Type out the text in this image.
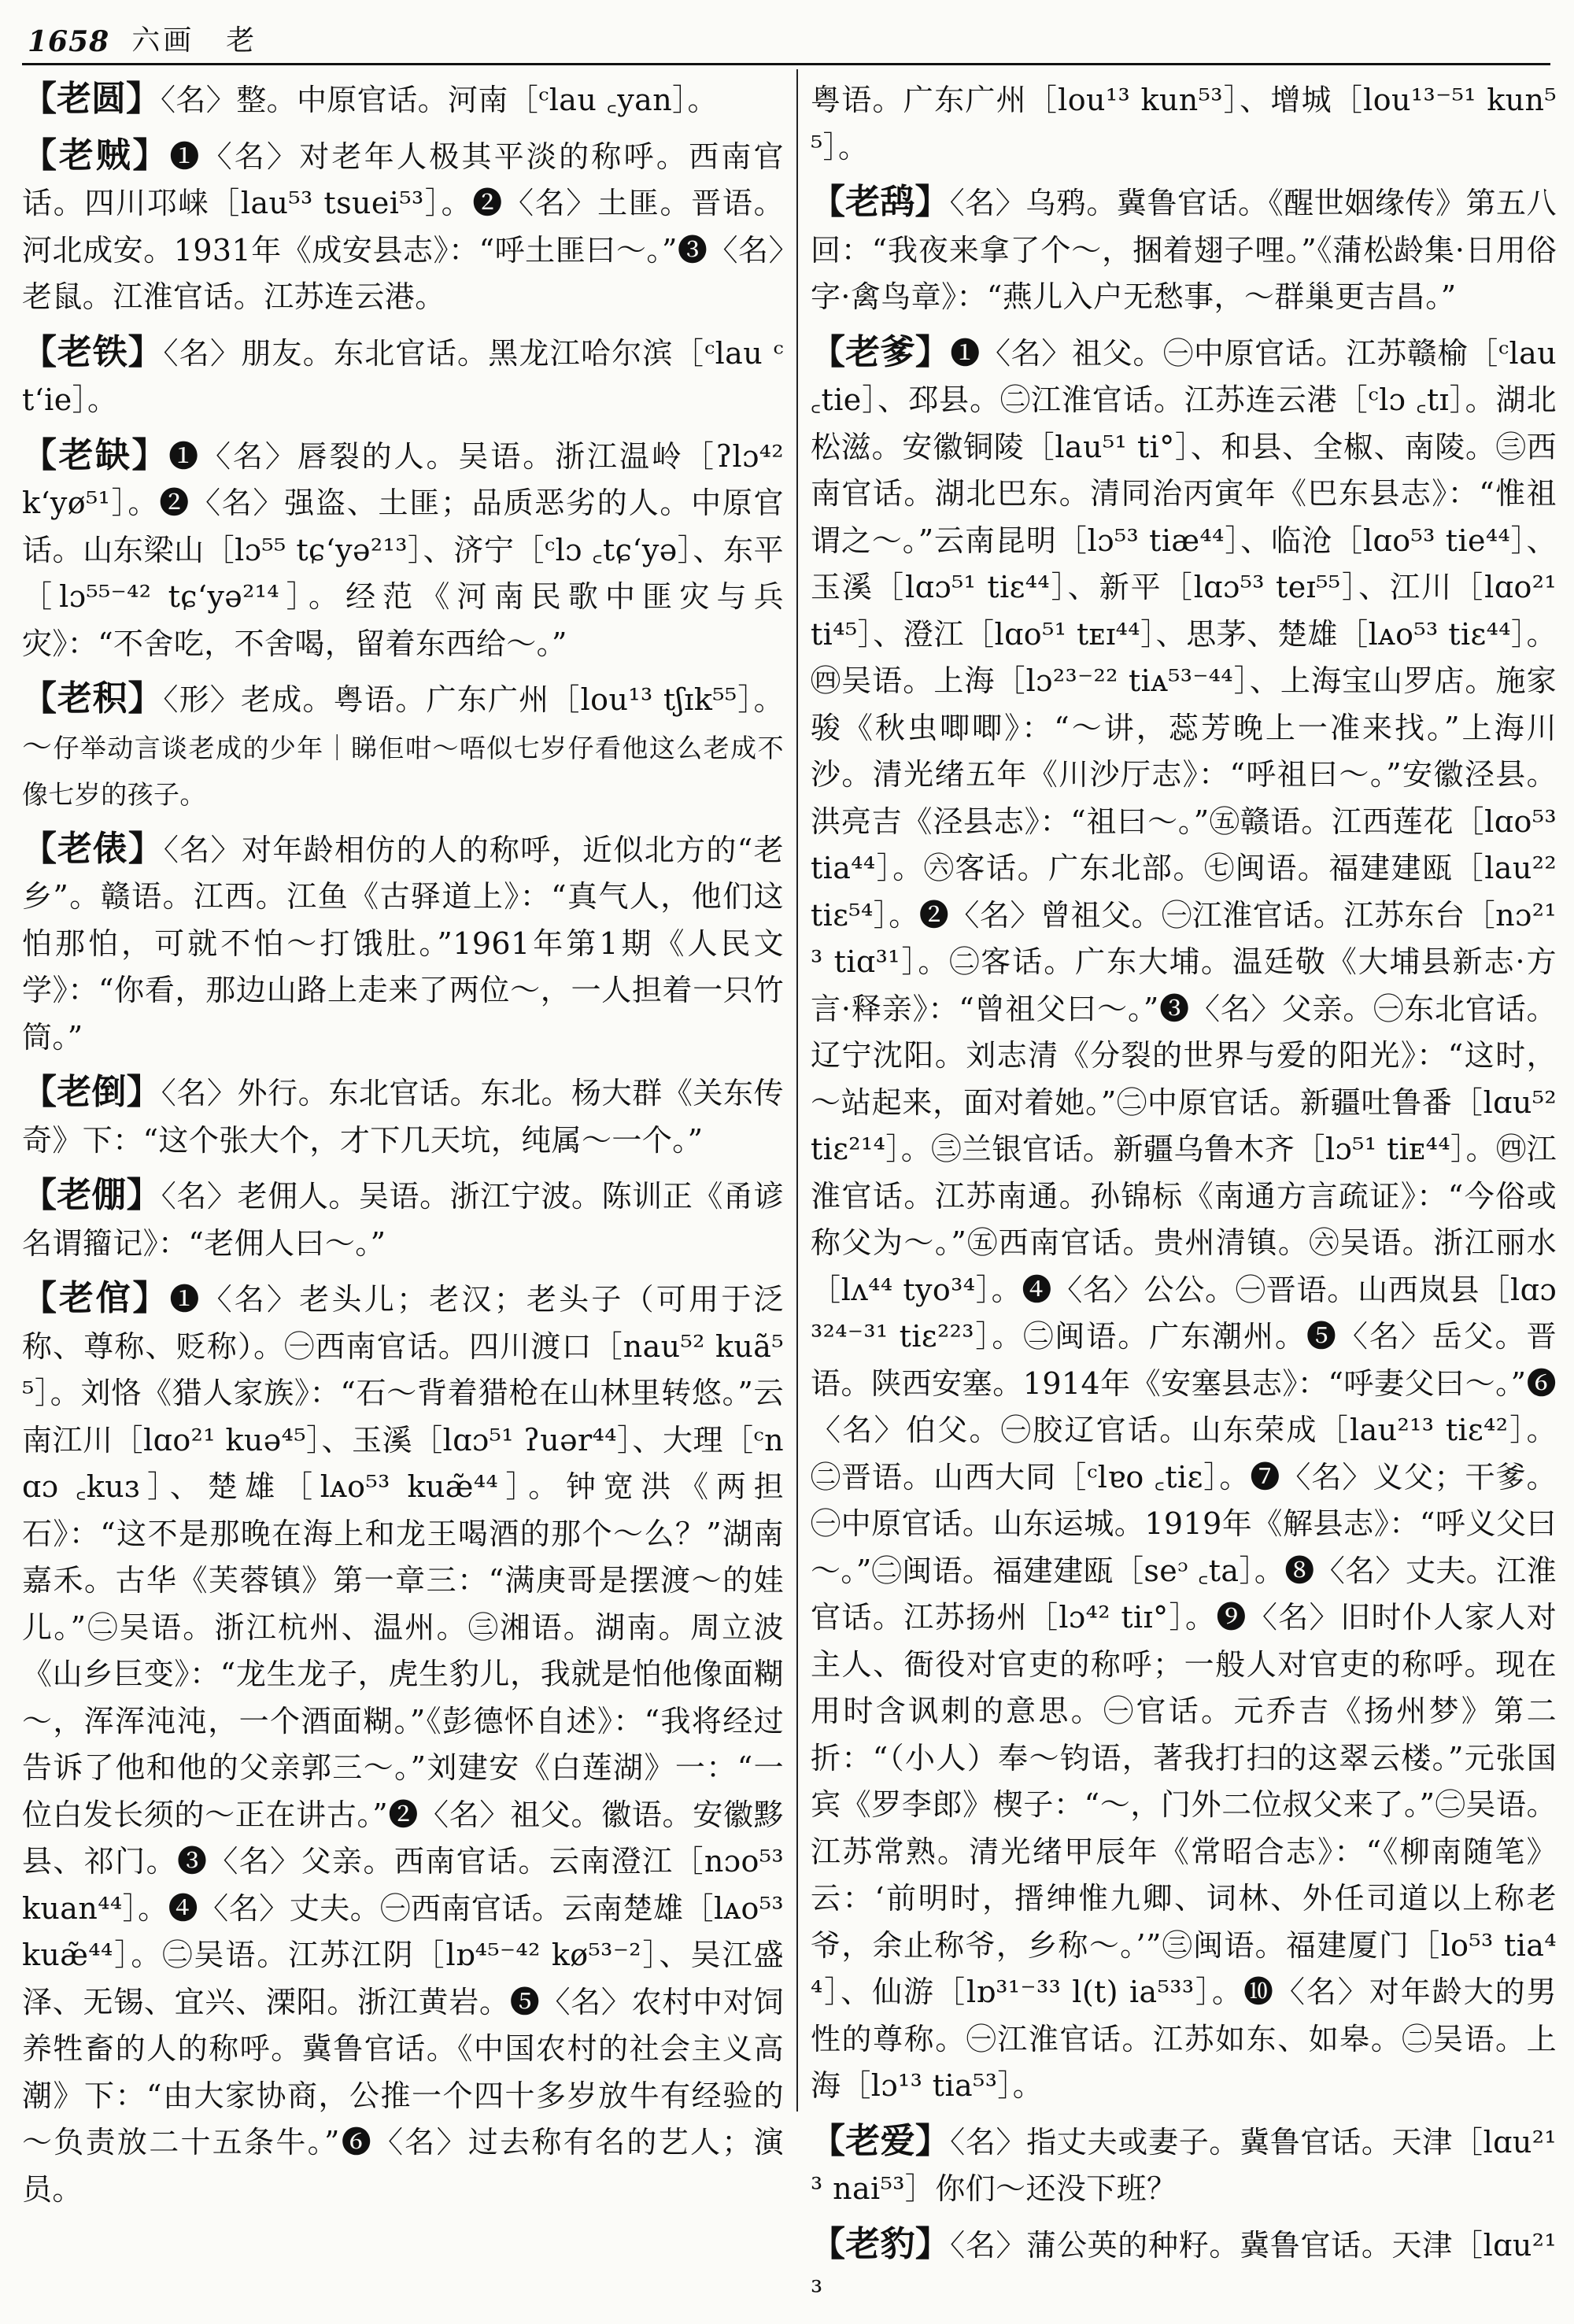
1658 六画　老

【老圆】〈名〉整。中原官话。河南［ᶜlau ꜀yan］。

【老贼】❶〈名〉对老年人极其平淡的称呼。西南官话。四川邛崃［lau⁵³ tsuei⁵³］。❷〈名〉土匪。晋语。河北成安。1931年《成安县志》：“呼土匪曰～。”❸〈名〉老鼠。江淮官话。江苏连云港。

【老铁】〈名〉朋友。东北官话。黑龙江哈尔滨［ᶜlau ᶜt‘ie］。

【老缺】❶〈名〉唇裂的人。吴语。浙江温岭［ʔlɔ⁴² k‘yø⁵¹］。❷〈名〉强盗、土匪；品质恶劣的人。中原官话。山东梁山［lɔ⁵⁵ tɕ‘yə²¹³］、济宁［ᶜlɔ ꜀tɕ‘yə］、东平［lɔ⁵⁵⁻⁴² tɕ‘yə²¹⁴］。经范《河南民歌中匪灾与兵灾》：“不舍吃，不舍喝，留着东西给～。”

【老积】〈形〉老成。粤语。广东广州［lou¹³ tʃɪk⁵⁵］。～仔举动言谈老成的少年｜睇佢咁～唔似七岁仔看他这么老成不像七岁的孩子。

【老俵】〈名〉对年龄相仿的人的称呼，近似北方的“老乡”。赣语。江西。江鱼《古驿道上》：“真气人，他们这怕那怕，可就不怕～打饿肚。”1961年第1期《人民文学》：“你看，那边山路上走来了两位～，一人担着一只竹筒。”

【老倒】〈名〉外行。东北官话。东北。杨大群《关东传奇》下：“这个张大个，才下几天坑，纯属～一个。”

【老倗】〈名〉老佣人。吴语。浙江宁波。陈训正《甬谚名谓籀记》：“老佣人曰～。”

【老倌】❶〈名〉老头儿；老汉；老头子（可用于泛称、尊称、贬称）。㊀西南官话。四川渡口［nau⁵² kuã⁵⁵］。刘恪《猎人家族》：“石～背着猎枪在山林里转悠。”云南江川［lɑo²¹ kuə⁴⁵］、玉溪［lɑɔ⁵¹ ʔuər⁴⁴］、大理［ᶜnɑɔ ꜀kuɜ］、楚雄［lᴀᴏ⁵³ kuæ̃⁴⁴］。钟宽洪《两担石》：“这不是那晚在海上和龙王喝酒的那个～么？”湖南嘉禾。古华《芙蓉镇》第一章三：“满庚哥是摆渡～的娃儿。”㊁吴语。浙江杭州、温州。㊂湘语。湖南。周立波《山乡巨变》：“龙生龙子，虎生豹儿，我就是怕他像面糊～，浑浑沌沌，一个酒面糊。”《彭德怀自述》：“我将经过告诉了他和他的父亲郭三～。”刘建安《白莲湖》一：“一位白发长须的～正在讲古。”❷〈名〉祖父。徽语。安徽黟县、祁门。❸〈名〉父亲。西南官话。云南澄江［nɔo⁵³ kuan⁴⁴］。❹〈名〉丈夫。㊀西南官话。云南楚雄［lᴀᴏ⁵³ kuæ̃⁴⁴］。㊁吴语。江苏江阴［lɒ⁴⁵⁻⁴² kø⁵³⁻²］、吴江盛泽、无锡、宜兴、溧阳。浙江黄岩。❺〈名〉农村中对饲养牲畜的人的称呼。冀鲁官话。《中国农村的社会主义高潮》下：“由大家协商，公推一个四十多岁放牛有经验的～负责放二十五条牛。”❻〈名〉过去称有名的艺人；演员。

粤语。广东广州［lou¹³ kun⁵³］、增城［lou¹³⁻⁵¹ kun⁵⁵］。

【老鸹】〈名〉乌鸦。冀鲁官话。《醒世姻缘传》第五八回：“我夜来拿了个～，捆着翅子哩。”《蒲松龄集·日用俗字·禽鸟章》：“燕儿入户无愁事，～群巢更吉昌。”

【老爹】❶〈名〉祖父。㊀中原官话。江苏赣榆［ᶜlau ꜀tie］、邳县。㊁江淮官话。江苏连云港［ᶜlɔ ꜀tɪ］。湖北松滋。安徽铜陵［lau⁵¹ ti°］、和县、全椒、南陵。㊂西南官话。湖北巴东。清同治丙寅年《巴东县志》：“惟祖谓之～。”云南昆明［lɔ⁵³ tiæ⁴⁴］、临沧［lɑo⁵³ tie⁴⁴］、玉溪［lɑɔ⁵¹ tiɛ⁴⁴］、新平［lɑɔ⁵³ teɪ⁵⁵］、江川［lɑo²¹ ti⁴⁵］、澄江［lɑo⁵¹ tᴇɪ⁴⁴］、思茅、楚雄［lᴀᴏ⁵³ tiɛ⁴⁴］。㊃吴语。上海［lɔ²³⁻²² tiᴀ⁵³⁻⁴⁴］、上海宝山罗店。施家骏《秋虫唧唧》：“～讲，蕊芳晚上一准来找。”上海川沙。清光绪五年《川沙厅志》：“呼祖曰～。”安徽泾县。洪亮吉《泾县志》：“祖曰～。”㊄赣语。江西莲花［lɑo⁵³ tia⁴⁴］。㊅客话。广东北部。㊆闽语。福建建瓯［lau²² tiɛ⁵⁴］。❷〈名〉曾祖父。㊀江淮官话。江苏东台［nɔ²¹³ tiɑ³¹］。㊁客话。广东大埔。温廷敬《大埔县新志·方言·释亲》：“曾祖父曰～。”❸〈名〉父亲。㊀东北官话。辽宁沈阳。刘志清《分裂的世界与爱的阳光》：“这时，～站起来，面对着她。”㊁中原官话。新疆吐鲁番［lɑu⁵² tiɛ²¹⁴］。㊂兰银官话。新疆乌鲁木齐［lɔ⁵¹ tiᴇ⁴⁴］。㊃江淮官话。江苏南通。孙锦标《南通方言疏证》：“今俗或称父为～。”㊄西南官话。贵州清镇。㊅吴语。浙江丽水［lʌ⁴⁴ tyo³⁴］。❹〈名〉公公。㊀晋语。山西岚县［lɑɔ³²⁴⁻³¹ tiɛ²²³］。㊁闽语。广东潮州。❺〈名〉岳父。晋语。陕西安塞。1914年《安塞县志》：“呼妻父曰～。”❻〈名〉伯父。㊀胶辽官话。山东荣成［lau²¹³ tiɛ⁴²］。㊁晋语。山西大同［ᶜlɐo ꜀tiɛ］。❼〈名〉义父；干爹。㊀中原官话。山东运城。1919年《解县志》：“呼义父曰～。”㊁闽语。福建建瓯［seᵓ ꜀ta］。❽〈名〉丈夫。江淮官话。江苏扬州［lɔ⁴² tiɪ°］。❾〈名〉旧时仆人家人对主人、衙役对官吏的称呼；一般人对官吏的称呼。现在用时含讽刺的意思。㊀官话。元乔吉《扬州梦》第二折：“（小人）奉～钧语，著我打扫的这翠云楼。”元张国宾《罗李郎》楔子：“～，门外二位叔父来了。”㊁吴语。江苏常熟。清光绪甲辰年《常昭合志》：“《柳南随笔》云：‘前明时，搢绅惟九卿、词林、外任司道以上称老爷，余止称爷，乡称～。’”㊂闽语。福建厦门［lo⁵³ tia⁴⁴］、仙游［lɒ³¹⁻³³ l(t) ia⁵³³］。❿〈名〉对年龄大的男性的尊称。㊀江淮官话。江苏如东、如皋。㊁吴语。上海［lɔ¹³ tia⁵³］。

【老爱】〈名〉指丈夫或妻子。冀鲁官话。天津［lɑu²¹³ nai⁵³］你们～还没下班？

【老豹】〈名〉蒲公英的种籽。冀鲁官话。天津［lɑu²¹³
